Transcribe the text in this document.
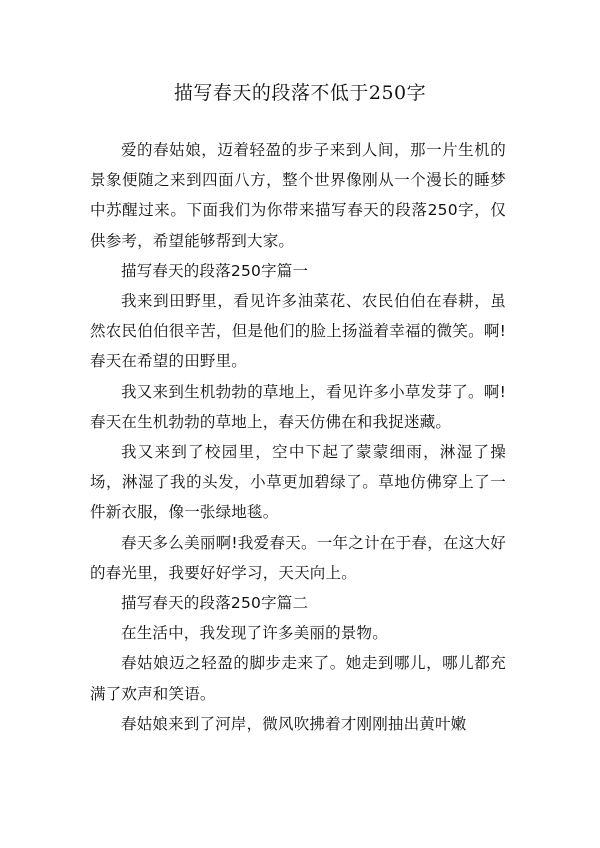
描写春天的段落不低于250字

爱的春姑娘，迈着轻盈的步子来到人间，那一片生机的景象便随之来到四面八方，整个世界像刚从一个漫长的睡梦中苏醒过来。下面我们为你带来描写春天的段落250字，仅供参考，希望能够帮到大家。

描写春天的段落250字篇一

我来到田野里，看见许多油菜花、农民伯伯在春耕，虽然农民伯伯很辛苦，但是他们的脸上扬溢着幸福的微笑。啊!春天在希望的田野里。

我又来到生机勃勃的草地上，看见许多小草发芽了。啊!春天在生机勃勃的草地上，春天仿佛在和我捉迷藏。

我又来到了校园里，空中下起了蒙蒙细雨，淋湿了操场，淋湿了我的头发，小草更加碧绿了。草地仿佛穿上了一件新衣服，像一张绿地毯。

春天多么美丽啊!我爱春天。一年之计在于春，在这大好的春光里，我要好好学习，天天向上。

描写春天的段落250字篇二

在生活中，我发现了许多美丽的景物。

春姑娘迈之轻盈的脚步走来了。她走到哪儿，哪儿都充满了欢声和笑语。

春姑娘来到了河岸，微风吹拂着才刚刚抽出黄叶嫩
